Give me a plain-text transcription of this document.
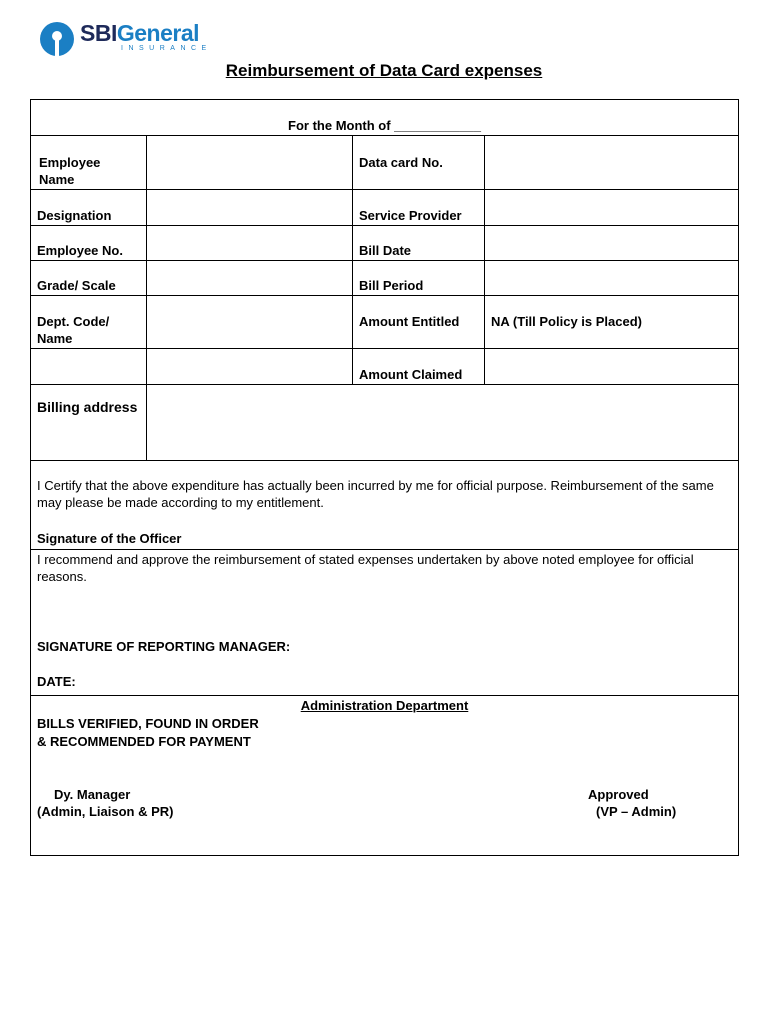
SBIGeneral
INSURANCE
Reimbursement of Data Card expenses
For the Month of ____________
Employee Name
Designation
Employee No.
Grade/ Scale
Dept. Code/ Name
Billing address
Data card No.
Service Provider
Bill Date
Bill Period
Amount Entitled
Amount Claimed
NA (Till Policy is Placed)
I Certify that the above expenditure has actually been incurred by me for official purpose. Reimbursement of the same may please be made according to my entitlement.
Signature of the Officer
I recommend and approve the reimbursement of stated expenses undertaken by above noted employee for official reasons.
SIGNATURE OF REPORTING MANAGER:
DATE:
Administration Department
BILLS VERIFIED, FOUND IN ORDER
& RECOMMENDED FOR PAYMENT
Dy. Manager
(Admin, Liaison & PR)
Approved
(VP – Admin)
